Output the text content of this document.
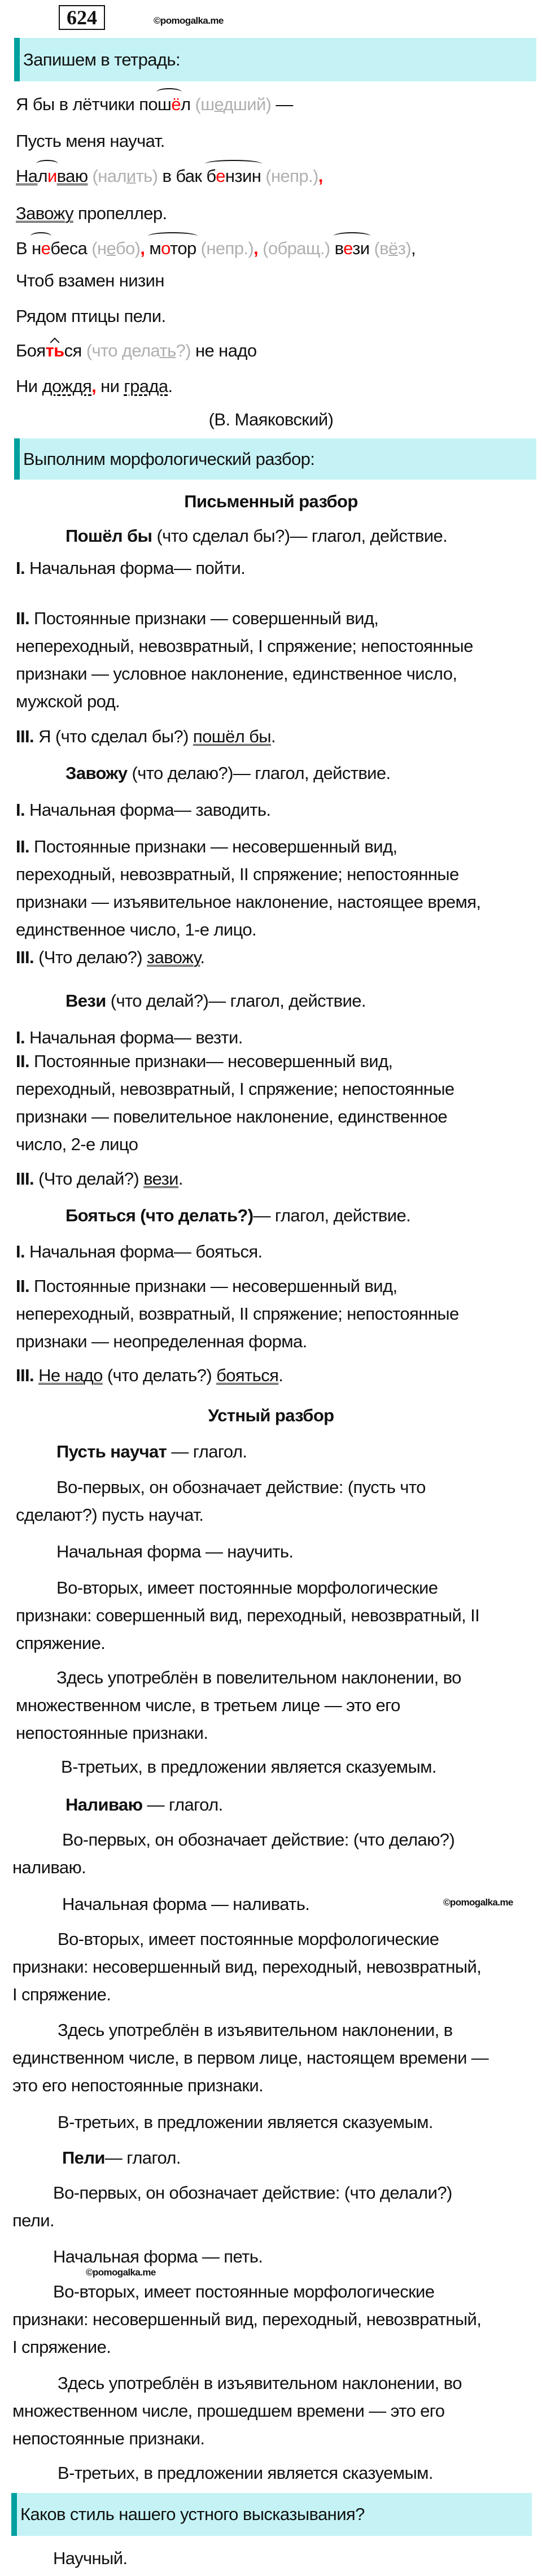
624	©pomogalka.me
Запишем в тетрадь:
Я бы в лётчики пошёл (шедший) —
Пусть меня научат.
Наливаю (налить) в бак бензин (непр.),
Завожу пропеллер.
В небеса (небо), мотор (непр.), (обращ.) вези (вёз),
Чтоб взамен низин
Рядом птицы пели.
Бояться (что делать?) не надо
Ни дождя, ни града.
(В. Маяковский)
Выполним морфологический разбор:
Письменный разбор
Пошёл бы (что сделал бы?)— глагол, действие.
I. Начальная форма— пойти.
II. Постоянные признаки — совершенный вид,
непереходный, невозвратный, I спряжение; непостоянные
признаки — условное наклонение, единственное число,
мужской род.
III. Я (что сделал бы?) пошёл бы.
Завожу (что делаю?)— глагол, действие.
I. Начальная форма— заводить.
II. Постоянные признаки — несовершенный вид,
переходный, невозвратный, II спряжение; непостоянные
признаки — изъявительное наклонение, настоящее время,
единственное число, 1-е лицо.
III. (Что делаю?) завожу.
Вези (что делай?)— глагол, действие.
I. Начальная форма— везти.
II. Постоянные признаки— несовершенный вид,
переходный, невозвратный, I спряжение; непостоянные
признаки — повелительное наклонение, единственное
число, 2-е лицо
III. (Что делай?) вези.
Бояться (что делать?)— глагол, действие.
I. Начальная форма— бояться.
II. Постоянные признаки — несовершенный вид,
непереходный, возвратный, II спряжение; непостоянные
признаки — неопределенная форма.
III. Не надо (что делать?) бояться.
Устный разбор
Пусть научат — глагол.
Во-первых, он обозначает действие: (пусть что
сделают?) пусть научат.
Начальная форма — научить.
Во-вторых, имеет постоянные морфологические
признаки: совершенный вид, переходный, невозвратный, II
спряжение.
Здесь употреблён в повелительном наклонении, во
множественном числе, в третьем лице — это его
непостоянные признаки.
В-третьих, в предложении является сказуемым.
Наливаю — глагол.
Во-первых, он обозначает действие: (что делаю?)
наливаю.
Начальная форма — наливать.	©pomogalka.me
Во-вторых, имеет постоянные морфологические
признаки: несовершенный вид, переходный, невозвратный,
I спряжение.
Здесь употреблён в изъявительном наклонении, в
единственном числе, в первом лице, настоящем времени —
это его непостоянные признаки.
В-третьих, в предложении является сказуемым.
Пели— глагол.
Во-первых, он обозначает действие: (что делали?)
пели.
Начальная форма — петь.
©pomogalka.me
Во-вторых, имеет постоянные морфологические
признаки: несовершенный вид, переходный, невозвратный,
I спряжение.
Здесь употреблён в изъявительном наклонении, во
множественном числе, прошедшем времени — это его
непостоянные признаки.
В-третьих, в предложении является сказуемым.
Каков стиль нашего устного высказывания?
Научный.
